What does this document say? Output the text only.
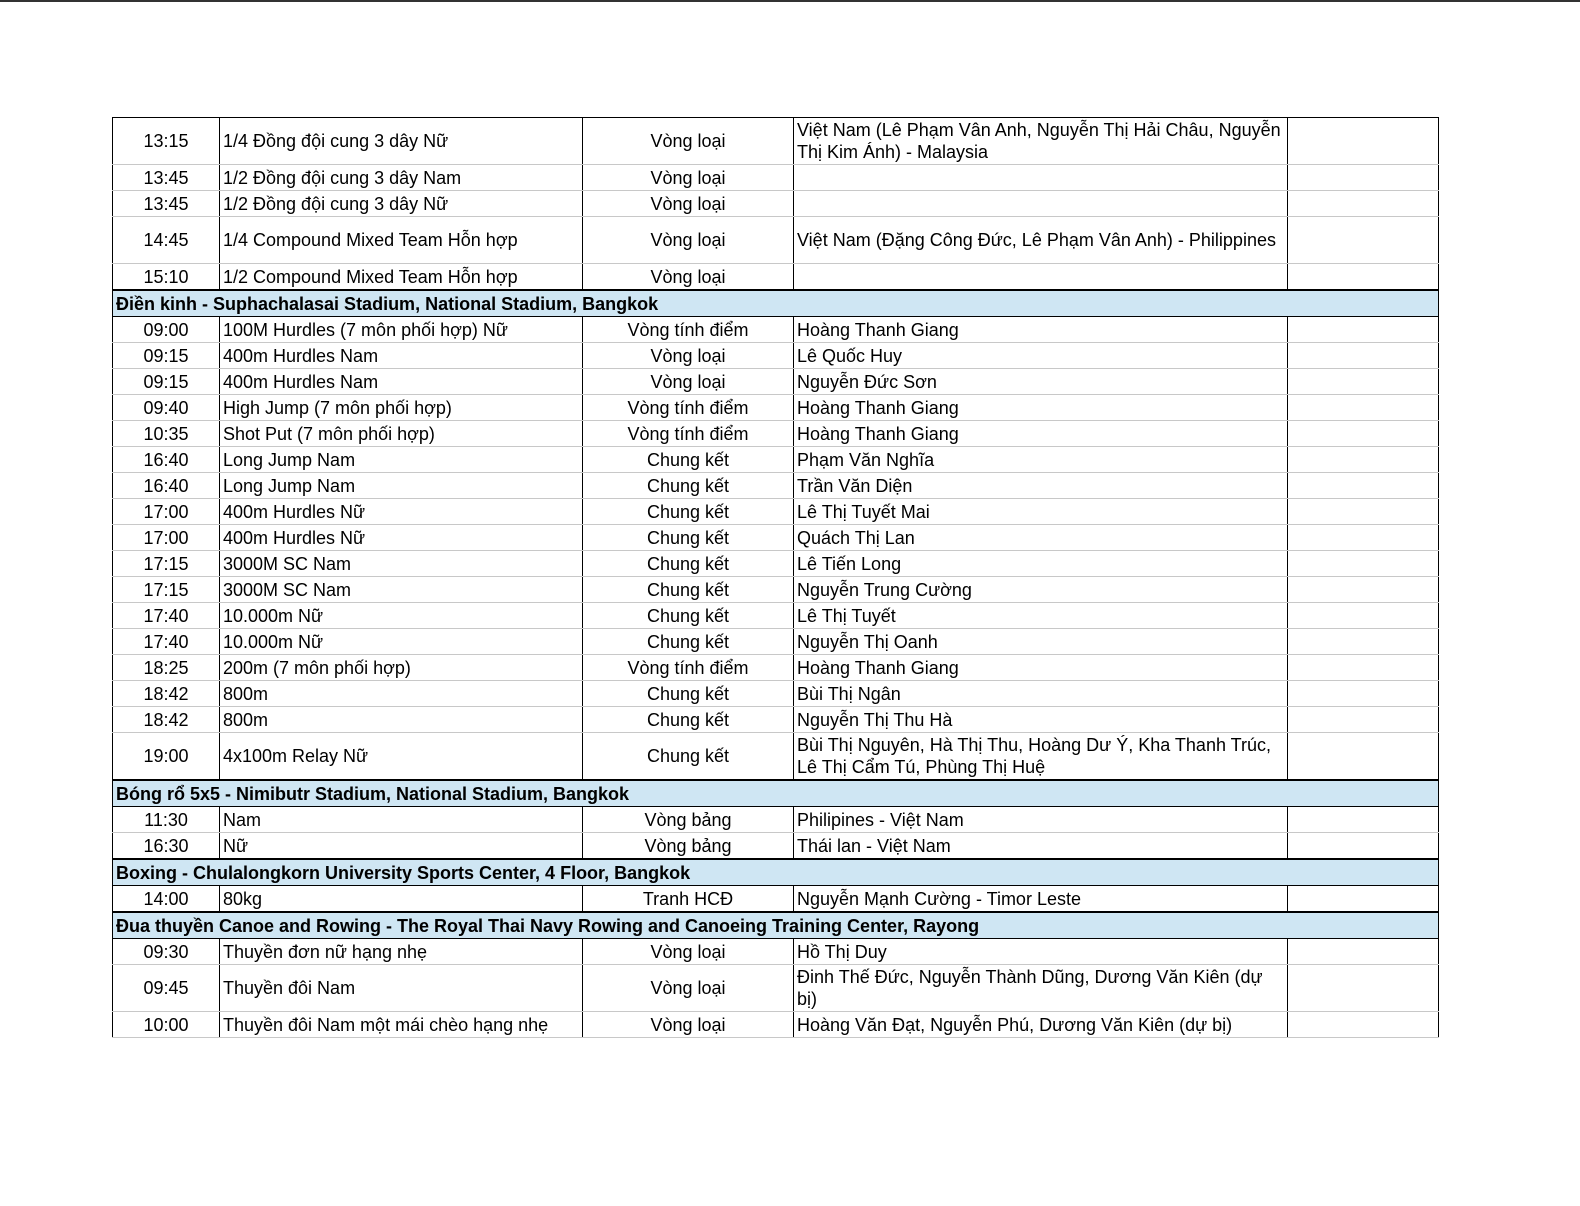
13:15	1/4 Đồng đội cung 3 dây Nữ	Vòng loại	Việt Nam (Lê Phạm Vân Anh, Nguyễn Thị Hải Châu, Nguyễn Thị Kim Ánh) - Malaysia	
13:45	1/2 Đồng đội cung 3 dây Nam	Vòng loại		
13:45	1/2 Đồng đội cung 3 dây Nữ	Vòng loại		
14:45	1/4 Compound Mixed Team Hỗn hợp	Vòng loại	Việt Nam (Đặng Công Đức, Lê Phạm Vân Anh) - Philippines	
15:10	1/2 Compound Mixed Team Hỗn hợp	Vòng loại		
Điền kinh - Suphachalasai Stadium, National Stadium, Bangkok				
09:00	100M Hurdles (7 môn phối hợp) Nữ	Vòng tính điểm	Hoàng Thanh Giang	
09:15	400m Hurdles Nam	Vòng loại	Lê Quốc Huy	
09:15	400m Hurdles Nam	Vòng loại	Nguyễn Đức Sơn	
09:40	High Jump (7 môn phối hợp)	Vòng tính điểm	Hoàng Thanh Giang	
10:35	Shot Put (7 môn phối hợp)	Vòng tính điểm	Hoàng Thanh Giang	
16:40	Long Jump Nam	Chung kết	Phạm Văn Nghĩa	
16:40	Long Jump Nam	Chung kết	Trần Văn Diện	
17:00	400m Hurdles Nữ	Chung kết	Lê Thị Tuyết Mai	
17:00	400m Hurdles Nữ	Chung kết	Quách Thị Lan	
17:15	3000M SC Nam	Chung kết	Lê Tiến Long	
17:15	3000M SC Nam	Chung kết	Nguyễn Trung Cường	
17:40	10.000m Nữ	Chung kết	Lê Thị Tuyết	
17:40	10.000m Nữ	Chung kết	Nguyễn Thị Oanh	
18:25	200m (7 môn phối hợp)	Vòng tính điểm	Hoàng Thanh Giang	
18:42	800m	Chung kết	Bùi Thị Ngân	
18:42	800m	Chung kết	Nguyễn Thị Thu Hà	
19:00	4x100m Relay Nữ	Chung kết	Bùi Thị Nguyên, Hà Thị Thu, Hoàng Dư Ý, Kha Thanh Trúc, Lê Thị Cẩm Tú, Phùng Thị Huệ	
Bóng rổ 5x5 - Nimibutr Stadium, National Stadium, Bangkok				
11:30	Nam	Vòng bảng	Philipines - Việt Nam	
16:30	Nữ	Vòng bảng	Thái lan - Việt Nam	
Boxing - Chulalongkorn University Sports Center, 4 Floor, Bangkok				
14:00	80kg	Tranh HCĐ	Nguyễn Mạnh Cường - Timor Leste	
Đua thuyền Canoe and Rowing - The Royal Thai Navy Rowing and Canoeing Training Center, Rayong				
09:30	Thuyền đơn nữ hạng nhẹ	Vòng loại	Hồ Thị Duy	
09:45	Thuyền đôi Nam	Vòng loại	Đinh Thế Đức, Nguyễn Thành Dũng, Dương Văn Kiên (dự bị)	
10:00	Thuyền đôi Nam một mái chèo hạng nhẹ	Vòng loại	Hoàng Văn Đạt, Nguyễn Phú, Dương Văn Kiên (dự bị)	
